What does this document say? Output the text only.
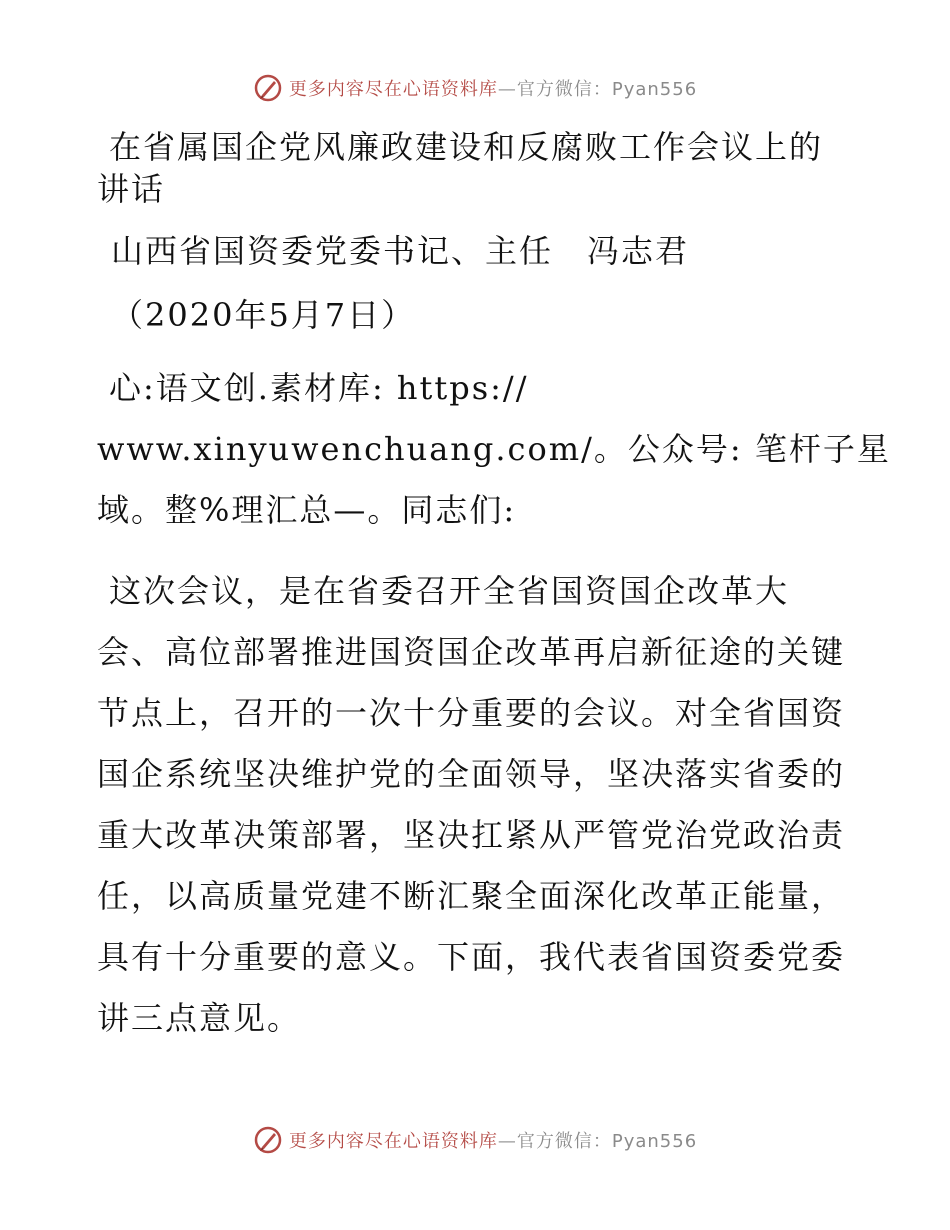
更多内容尽在心语资料库—官方微信：Pyan556
在省属国企党风廉政建设和反腐败工作会议上的
讲话
山西省国资委党委书记、主任　冯志君
（2020年5月7日）
心:语文创.素材库: https://
www.xinyuwenchuang.com/。公众号: 笔杆子星
域。整%理汇总—。同志们:
这次会议，是在省委召开全省国资国企改革大
会、高位部署推进国资国企改革再启新征途的关键
节点上，召开的一次十分重要的会议。对全省国资
国企系统坚决维护党的全面领导，坚决落实省委的
重大改革决策部署，坚决扛紧从严管党治党政治责
任，以高质量党建不断汇聚全面深化改革正能量，
具有十分重要的意义。下面，我代表省国资委党委
讲三点意见。
更多内容尽在心语资料库—官方微信：Pyan556
